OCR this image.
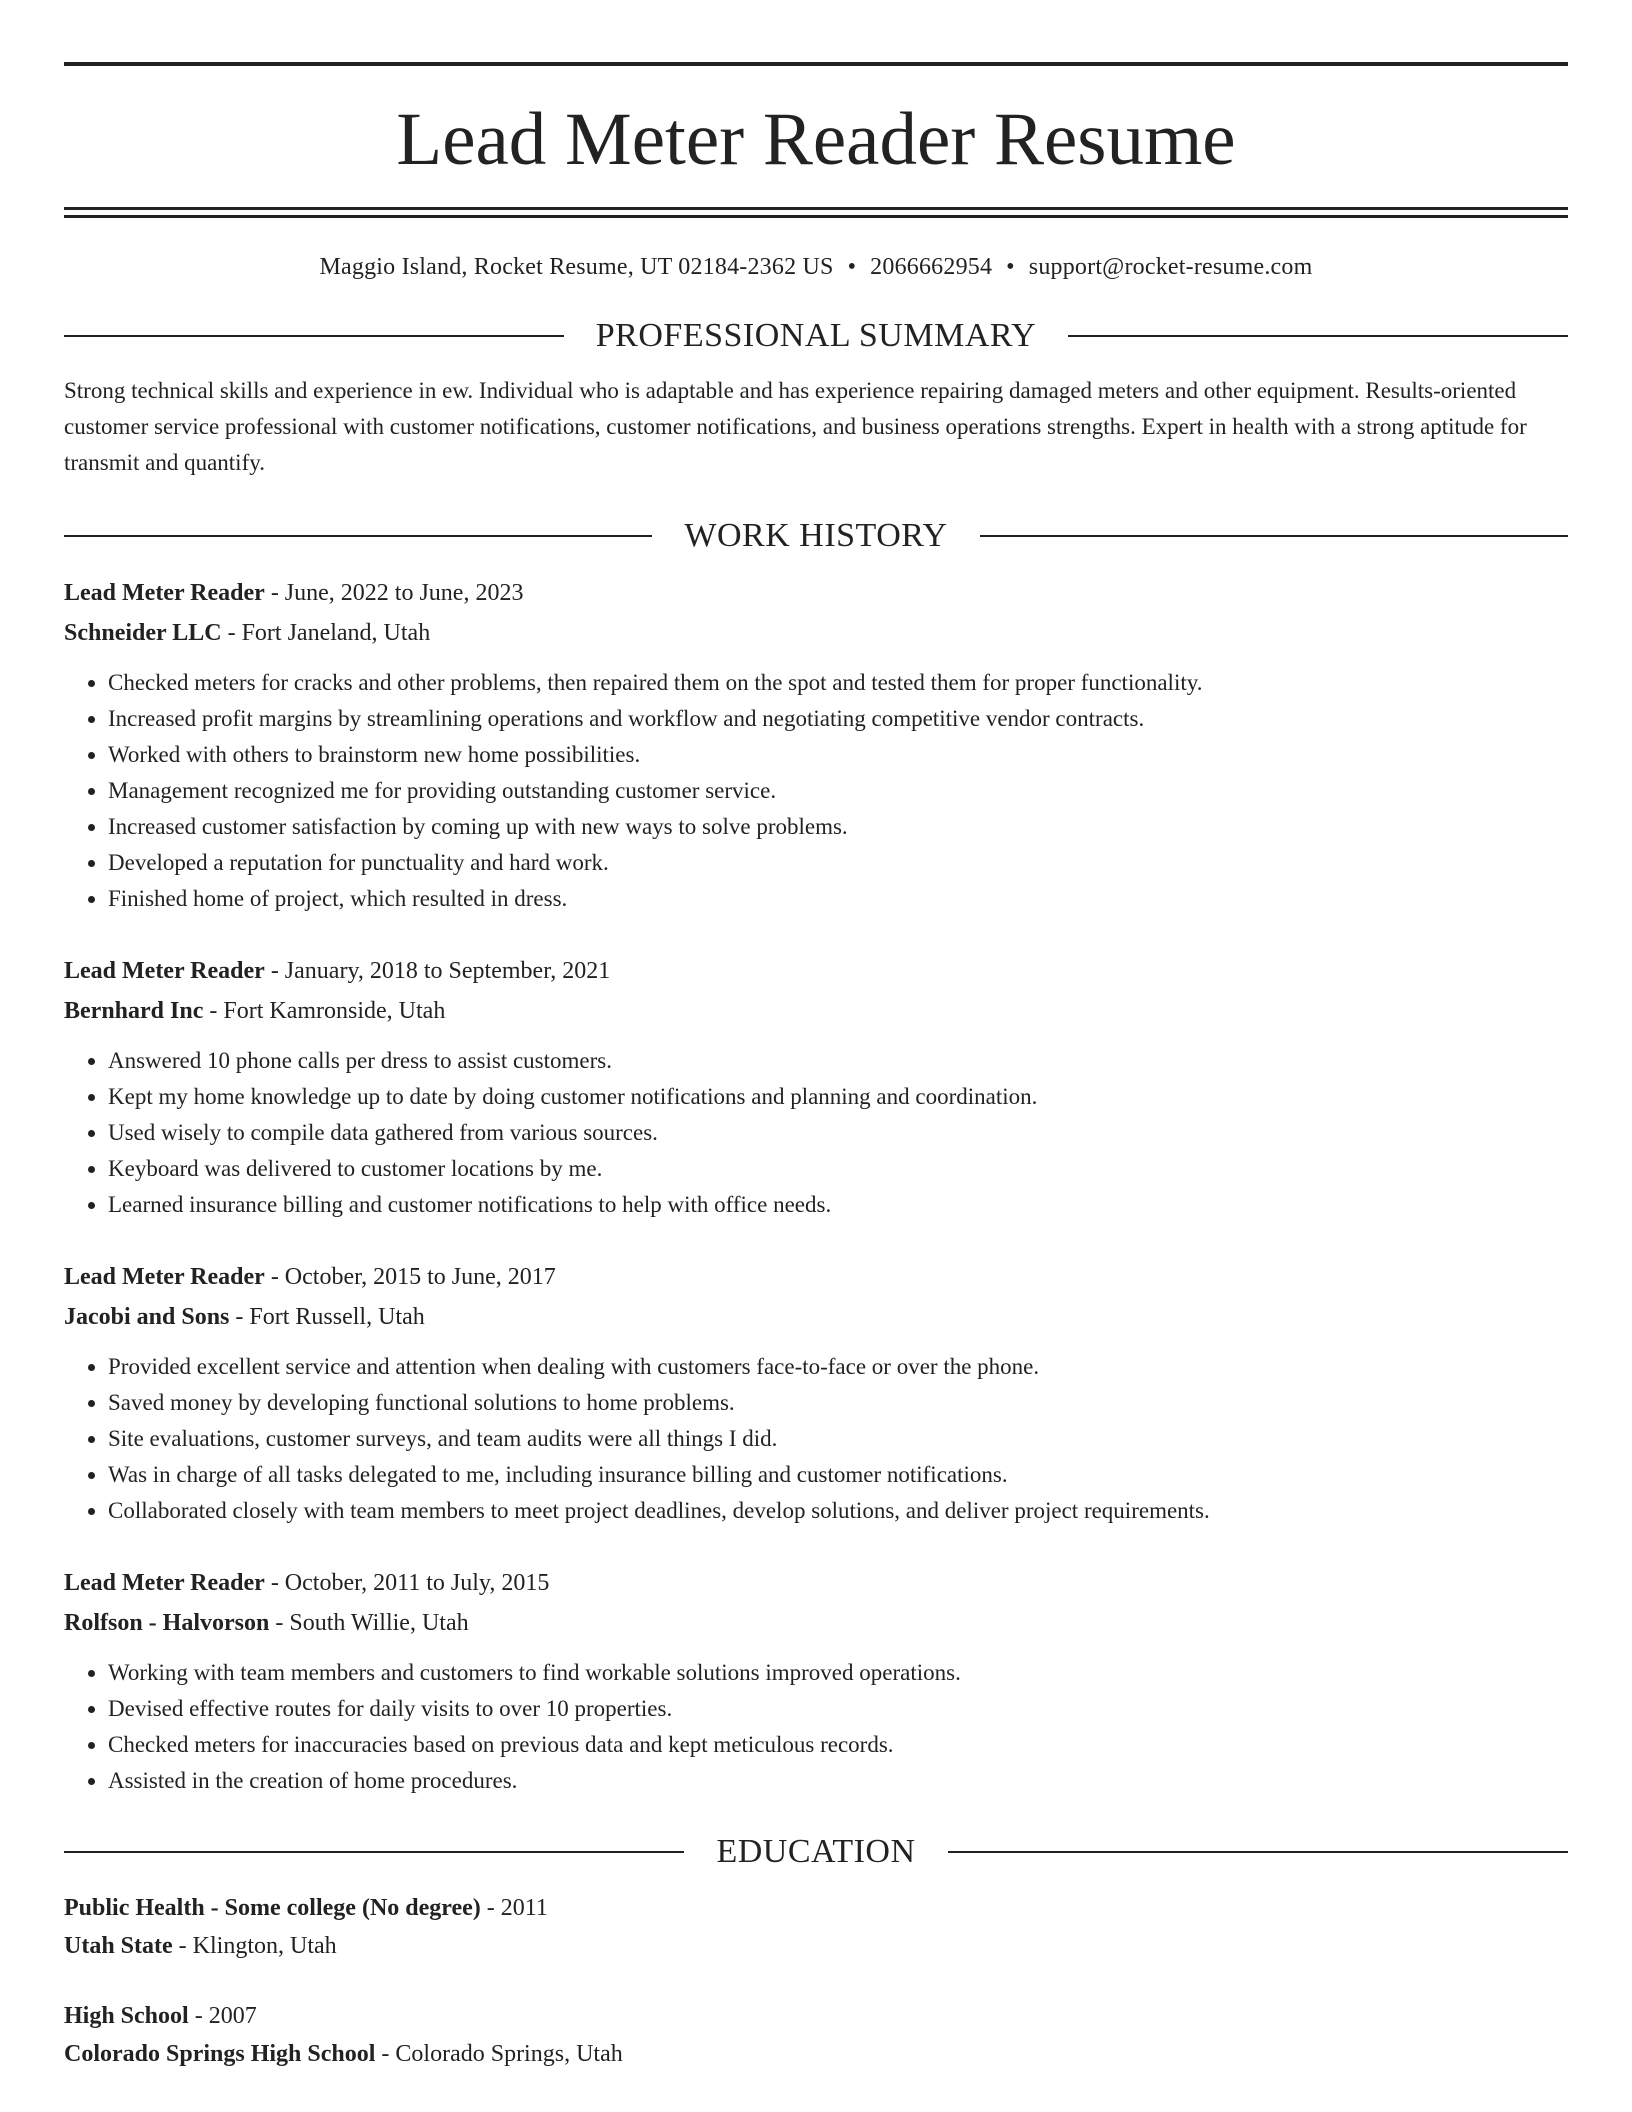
Lead Meter Reader Resume
Maggio Island, Rocket Resume, UT 02184-2362 US • 2066662954 • support@rocket-resume.com
PROFESSIONAL SUMMARY

Strong technical skills and experience in ew. Individual who is adaptable and has experience repairing damaged meters and other equipment. Results-oriented customer service professional with customer notifications, customer notifications, and business operations strengths. Expert in health with a strong aptitude for transmit and quantify.

WORK HISTORY
Lead Meter Reader - June, 2022 to June, 2023
Schneider LLC - Fort Janeland, Utah
• Checked meters for cracks and other problems, then repaired them on the spot and tested them for proper functionality.
• Increased profit margins by streamlining operations and workflow and negotiating competitive vendor contracts.
• Worked with others to brainstorm new home possibilities.
• Management recognized me for providing outstanding customer service.
• Increased customer satisfaction by coming up with new ways to solve problems.
• Developed a reputation for punctuality and hard work.
• Finished home of project, which resulted in dress.
Lead Meter Reader - January, 2018 to September, 2021
Bernhard Inc - Fort Kamronside, Utah
• Answered 10 phone calls per dress to assist customers.
• Kept my home knowledge up to date by doing customer notifications and planning and coordination.
• Used wisely to compile data gathered from various sources.
• Keyboard was delivered to customer locations by me.
• Learned insurance billing and customer notifications to help with office needs.
Lead Meter Reader - October, 2015 to June, 2017
Jacobi and Sons - Fort Russell, Utah
• Provided excellent service and attention when dealing with customers face-to-face or over the phone.
• Saved money by developing functional solutions to home problems.
• Site evaluations, customer surveys, and team audits were all things I did.
• Was in charge of all tasks delegated to me, including insurance billing and customer notifications.
• Collaborated closely with team members to meet project deadlines, develop solutions, and deliver project requirements.
Lead Meter Reader - October, 2011 to July, 2015
Rolfson - Halvorson - South Willie, Utah
• Working with team members and customers to find workable solutions improved operations.
• Devised effective routes for daily visits to over 10 properties.
• Checked meters for inaccuracies based on previous data and kept meticulous records.
• Assisted in the creation of home procedures.
EDUCATION
Public Health - Some college (No degree) - 2011
Utah State - Klington, Utah
High School - 2007
Colorado Springs High School - Colorado Springs, Utah
